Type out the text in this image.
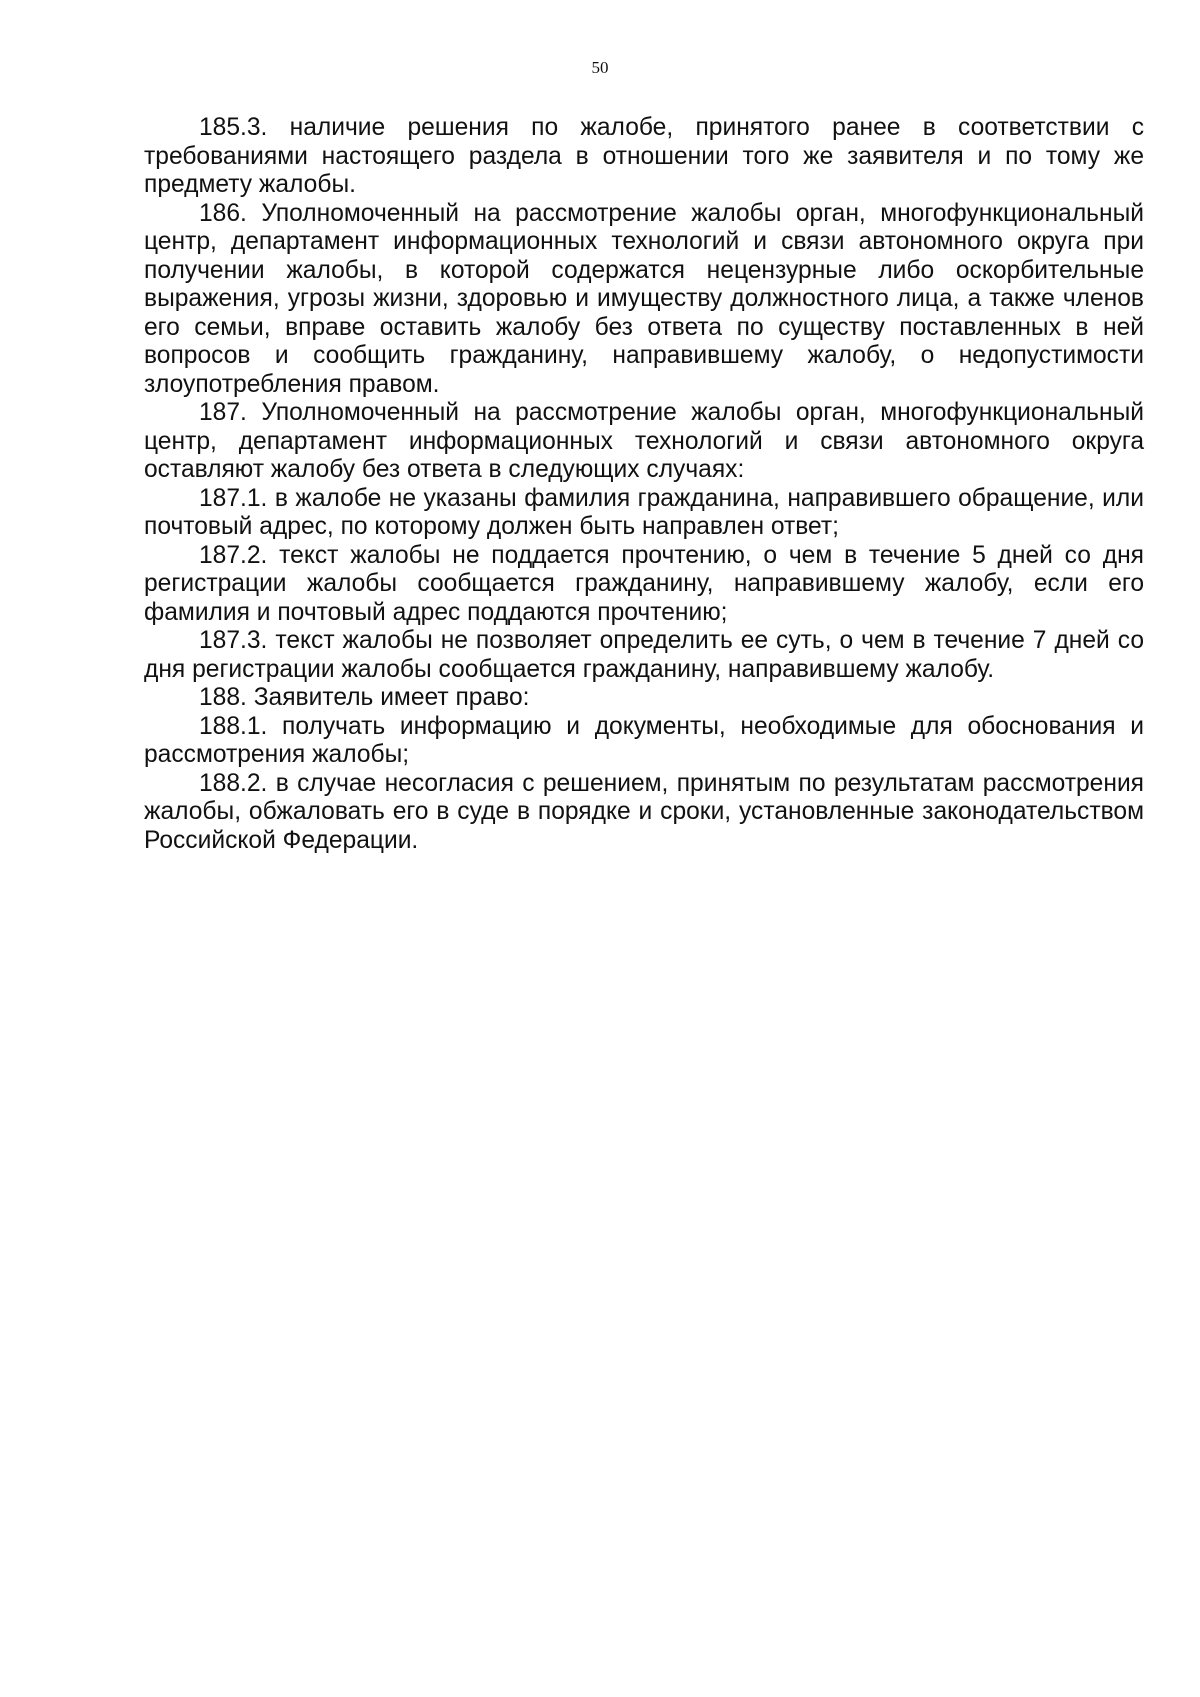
50

185.3. наличие решения по жалобе, принятого ранее в соответствии с требованиями настоящего раздела в отношении того же заявителя и по тому же предмету жалобы.

186. Уполномоченный на рассмотрение жалобы орган, многофункциональный центр, департамент информационных технологий и связи автономного округа при получении жалобы, в которой содержатся нецензурные либо оскорбительные выражения, угрозы жизни, здоровью и имуществу должностного лица, а также членов его семьи, вправе оставить жалобу без ответа по существу поставленных в ней вопросов и сообщить гражданину, направившему жалобу, о недопустимости злоупотребления правом.

187. Уполномоченный на рассмотрение жалобы орган, многофункциональный центр, департамент информационных технологий и связи автономного округа оставляют жалобу без ответа в следующих случаях:

187.1. в жалобе не указаны фамилия гражданина, направившего обращение, или почтовый адрес, по которому должен быть направлен ответ;

187.2. текст жалобы не поддается прочтению, о чем в течение 5 дней со дня регистрации жалобы сообщается гражданину, направившему жалобу, если его фамилия и почтовый адрес поддаются прочтению;

187.3. текст жалобы не позволяет определить ее суть, о чем в течение 7 дней со дня регистрации жалобы сообщается гражданину, направившему жалобу.

188. Заявитель имеет право:

188.1. получать информацию и документы, необходимые для обоснования и рассмотрения жалобы;

188.2. в случае несогласия с решением, принятым по результатам рассмотрения жалобы, обжаловать его в суде в порядке и сроки, установленные законодательством Российской Федерации.
